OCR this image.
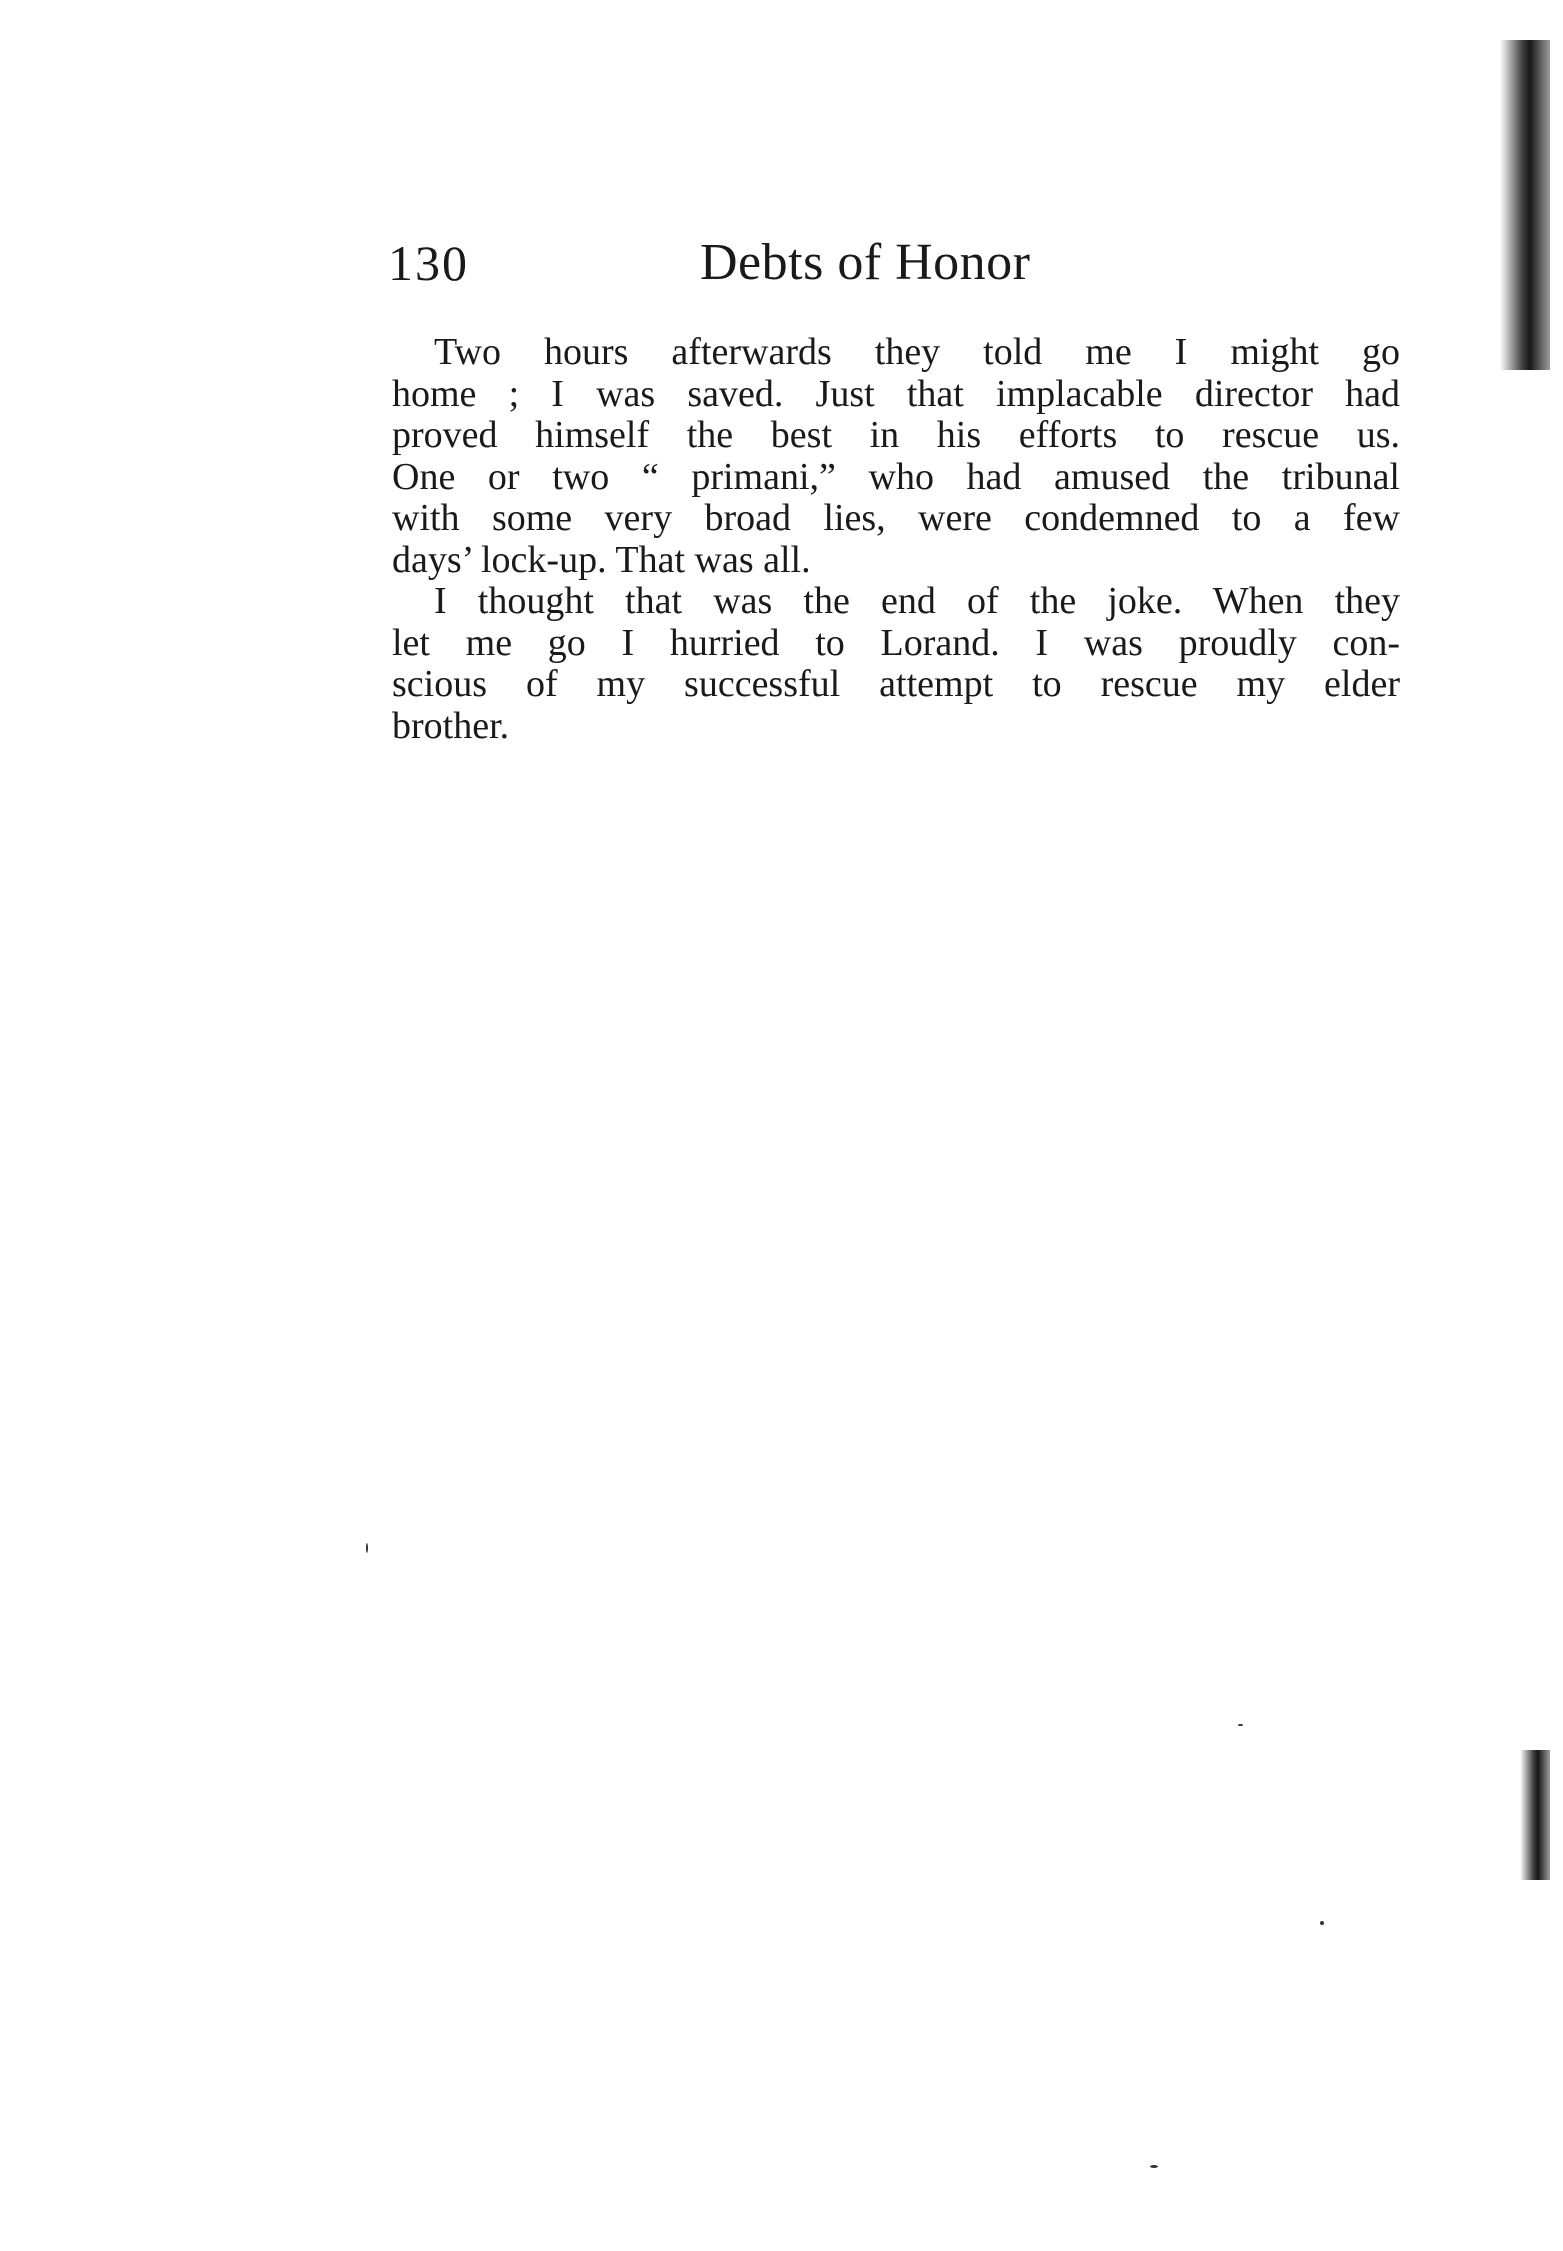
130	Debts of Honor
Two hours afterwards they told me I might go
home ; I was saved. Just that implacable director had
proved himself the best in his efforts to rescue us.
One or two “ primani,” who had amused the tribunal
with some very broad lies, were condemned to a few
days’ lock-up. That was all.
I thought that was the end of the joke. When they
let me go I hurried to Lorand. I was proudly con-
scious of my successful attempt to rescue my elder
brother.
